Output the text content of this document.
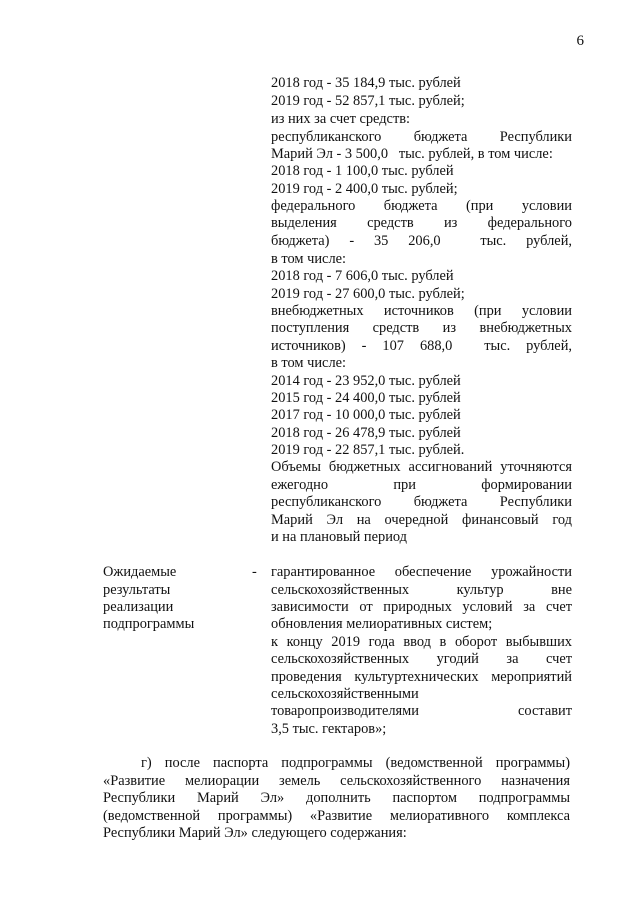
6
2018 год - 35 184,9 тыс. рублей
2019 год - 52 857,1 тыс. рублей;
из них за счет средств:
республиканского бюджета Республики
Марий Эл - 3 500,0   тыс. рублей, в том числе:
2018 год - 1 100,0 тыс. рублей
2019 год - 2 400,0 тыс. рублей;
федерального бюджета (при условии
выделения средств из федерального
бюджета) - 35 206,0  тыс. рублей,
в том числе:
2018 год - 7 606,0 тыс. рублей
2019 год - 27 600,0 тыс. рублей;
внебюджетных источников (при условии
поступления средств из внебюджетных
источников) - 107 688,0  тыс. рублей,
в том числе:
2014 год - 23 952,0 тыс. рублей
2015 год - 24 400,0 тыс. рублей
2017 год - 10 000,0 тыс. рублей
2018 год - 26 478,9 тыс. рублей
2019 год - 22 857,1 тыс. рублей.
Объемы бюджетных ассигнований уточняются
ежегодно при формировании
республиканского бюджета Республики
Марий Эл на очередной финансовый год
и на плановый период
Ожидаемые
результаты
реализации
подпрограммы
- гарантированное обеспечение урожайности
сельскохозяйственных культур вне
зависимости от природных условий за счет
обновления мелиоративных систем;
к концу 2019 года ввод в оборот выбывших
сельскохозяйственных угодий за счет
проведения культуртехнических мероприятий
сельскохозяйственными
товаропроизводителями составит
3,5 тыс. гектаров»;
г) после паспорта подпрограммы (ведомственной программы)
«Развитие мелиорации земель сельскохозяйственного назначения
Республики Марий Эл» дополнить паспортом подпрограммы
(ведомственной программы) «Развитие мелиоративного комплекса
Республики Марий Эл» следующего содержания:
